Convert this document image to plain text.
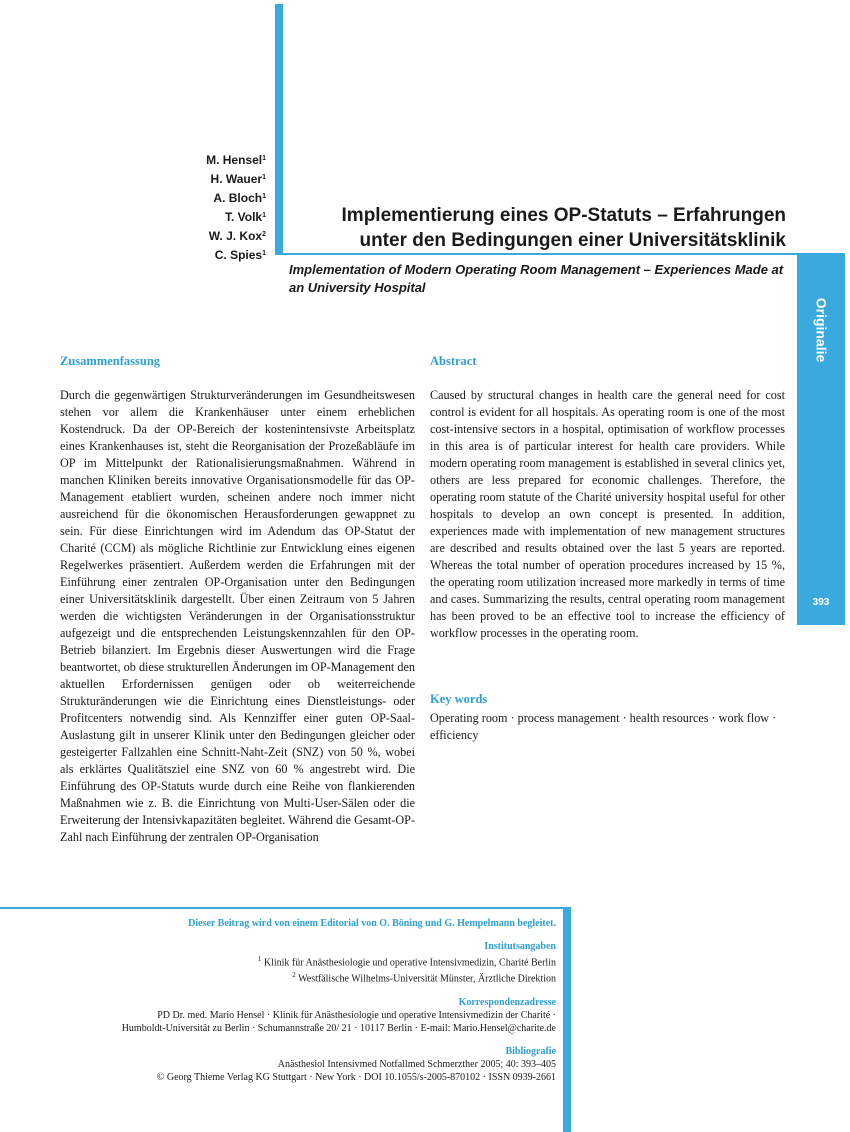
Originalie
393
M. Hensel$^1$
H. Wauer$^1$
A. Bloch$^1$
T. Volk$^1$
W. J. Kox$^2$
C. Spies$^1$
Implementierung eines OP-Statuts – Erfahrungen
unter den Bedingungen einer Universitätsklinik
Implementation of Modern Operating Room Management – Experiences Made at an University Hospital
Zusammenfassung
Durch die gegenwärtigen Strukturveränderungen im Gesundheitswesen stehen vor allem die Krankenhäuser unter einem erheblichen Kostendruck. Da der OP-Bereich der kostenintensivste Arbeitsplatz eines Krankenhauses ist, steht die Reorganisation der Prozeßabläufe im OP im Mittelpunkt der Rationalisierungsmaßnahmen. Während in manchen Kliniken bereits innovative Organisationsmodelle für das OP-Management etabliert wurden, scheinen andere noch immer nicht ausreichend für die ökonomischen Herausforderungen gewappnet zu sein. Für diese Einrichtungen wird im Adendum das OP-Statut der Charité (CCM) als mögliche Richtlinie zur Entwicklung eines eigenen Regelwerkes präsentiert. Außerdem werden die Erfahrungen mit der Einführung einer zentralen OP-Organisation unter den Bedingungen einer Universitätsklinik dargestellt. Über einen Zeitraum von 5 Jahren werden die wichtigsten Veränderungen in der Organisationsstruktur aufgezeigt und die entsprechenden Leistungskennzahlen für den OP-Betrieb bilanziert. Im Ergebnis dieser Auswertungen wird die Frage beantwortet, ob diese strukturellen Änderungen im OP-Management den aktuellen Erfordernissen genügen oder ob weiterreichende Strukturänderungen wie die Einrichtung eines Dienstleistungs- oder Profitcenters notwendig sind. Als Kennziffer einer guten OP-Saal-Auslastung gilt in unserer Klinik unter den Bedingungen gleicher oder gesteigerter Fallzahlen eine Schnitt-Naht-Zeit (SNZ) von 50 %, wobei als erklärtes Qualitätsziel eine SNZ von 60 % angestrebt wird. Die Einführung des OP-Statuts wurde durch eine Reihe von flankierenden Maßnahmen wie z. B. die Einrichtung von Multi-User-Sälen oder die Erweiterung der Intensivkapazitäten begleitet. Während die Gesamt-OP-Zahl nach Einführung der zentralen OP-Organisation
Abstract
Caused by structural changes in health care the general need for cost control is evident for all hospitals. As operating room is one of the most cost-intensive sectors in a hospital, optimisation of workflow processes in this area is of particular interest for health care providers. While modern operating room management is established in several clinics yet, others are less prepared for economic challenges. Therefore, the operating room statute of the Charité university hospital useful for other hospitals to develop an own concept is presented. In addition, experiences made with implementation of new management structures are described and results obtained over the last 5 years are reported. Whereas the total number of operation procedures increased by 15 %, the operating room utilization increased more markedly in terms of time and cases. Summarizing the results, central operating room management has been proved to be an effective tool to increase the efficiency of workflow processes in the operating room.
Key words
Operating room · process management · health resources · work flow · efficiency
Dieser Beitrag wird von einem Editorial von O. Böning und G. Hempelmann begleitet.
Institutsangaben
$^1$ Klinik für Anästhesiologie und operative Intensivmedizin, Charité Berlin
$^2$ Westfälische Wilhelms-Universität Münster, Ärztliche Direktion
Korrespondenzadresse
PD Dr. med. Mario Hensel · Klinik für Anästhesiologie und operative Intensivmedizin der Charité ·
Humboldt-Universität zu Berlin · Schumannstraße 20/ 21 · 10117 Berlin · E-mail: Mario.Hensel@charite.de
Bibliografie
Anästhesiol Intensivmed Notfallmed Schmerzther 2005; 40: 393–405
© Georg Thieme Verlag KG Stuttgart · New York · DOI 10.1055/s-2005-870102 · ISSN 0939-2661
